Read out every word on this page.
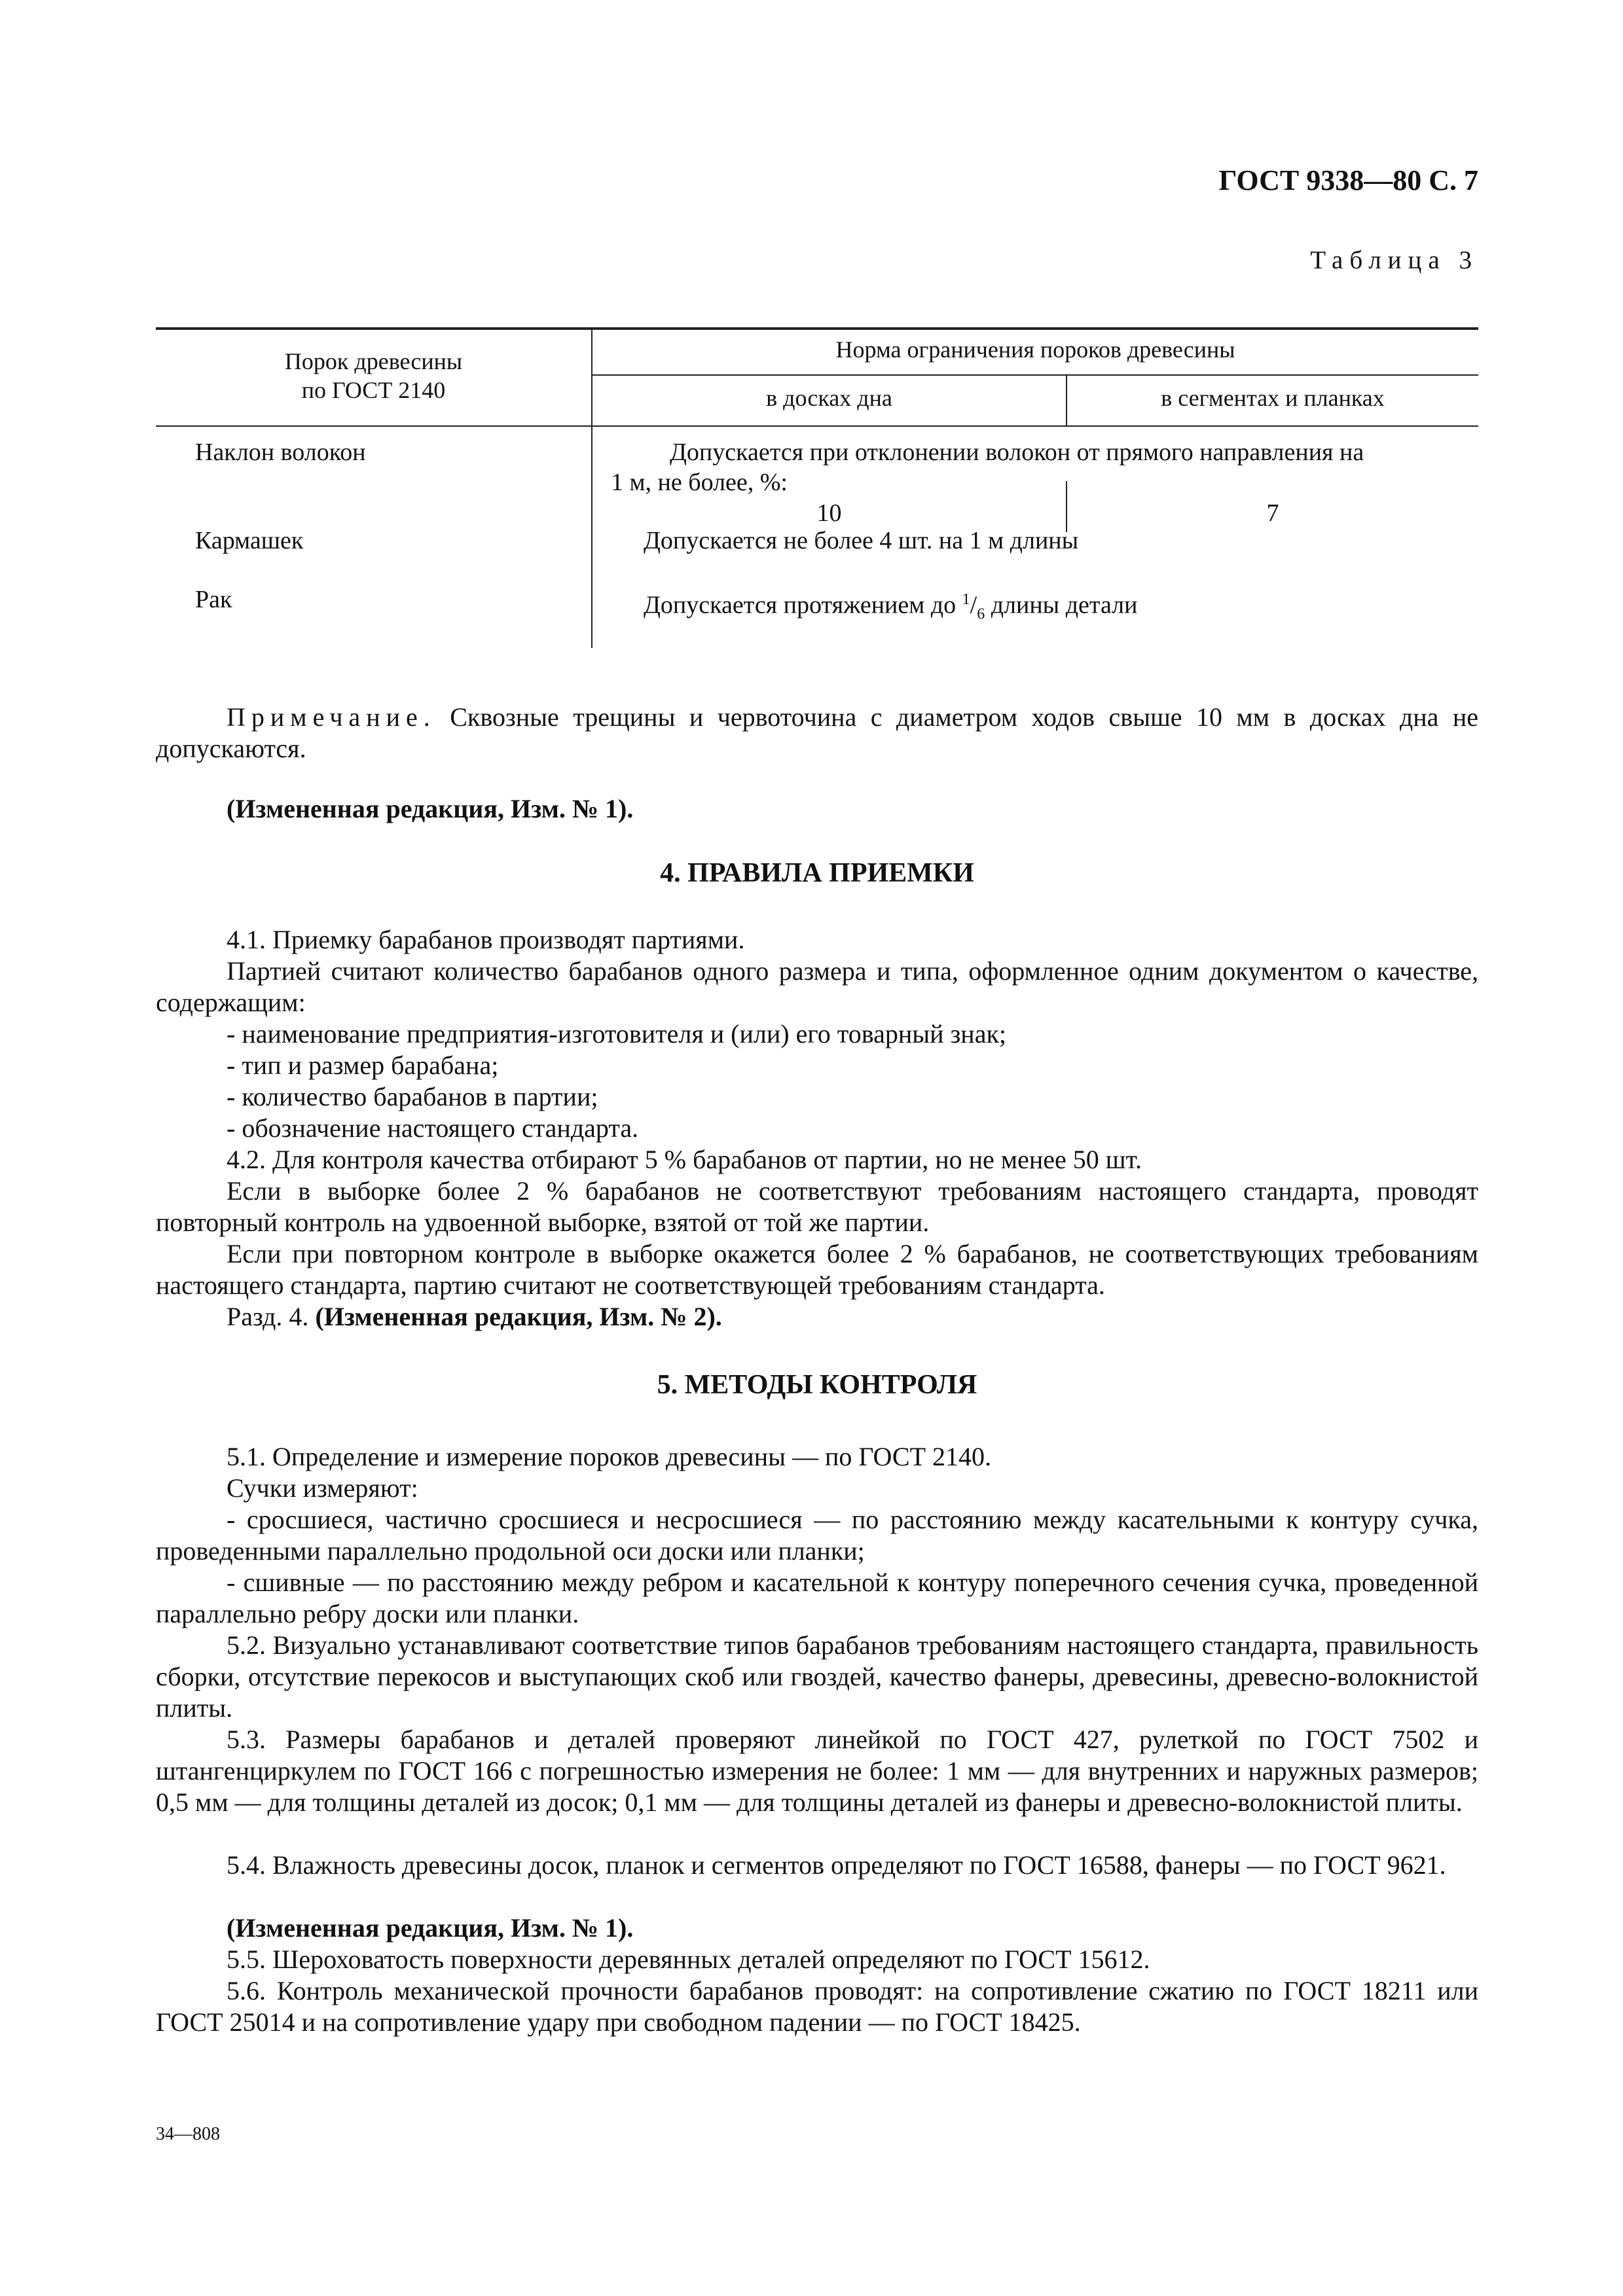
ГОСТ 9338—80 С. 7
Таблица 3
Порок древесины
по ГОСТ 2140
Норма ограничения пороков древесины
в досках дна	в сегментах и планках
Наклон волокон	Допускается при отклонении волокон от прямого направления на
1 м, не более, %:
10	7
Кармашек	Допускается не более 4 шт. на 1 м длины
Рак	Допускается протяжением до $^1/_6$ длины детали
Примечание. Сквозные трещины и червоточина с диаметром ходов свыше 10 мм в досках дна не допускаются.
(Измененная редакция, Изм. № 1).
4. ПРАВИЛА ПРИЕМКИ
4.1. Приемку барабанов производят партиями.
Партией считают количество барабанов одного размера и типа, оформленное одним документом о качестве, содержащим:
- наименование предприятия-изготовителя и (или) его товарный знак;
- тип и размер барабана;
- количество барабанов в партии;
- обозначение настоящего стандарта.
4.2. Для контроля качества отбирают 5 % барабанов от партии, но не менее 50 шт.
Если в выборке более 2 % барабанов не соответствуют требованиям настоящего стандарта, проводят повторный контроль на удвоенной выборке, взятой от той же партии.
Если при повторном контроле в выборке окажется более 2 % барабанов, не соответствующих требованиям настоящего стандарта, партию считают не соответствующей требованиям стандарта.
Разд. 4. (Измененная редакция, Изм. № 2).
5. МЕТОДЫ КОНТРОЛЯ
5.1. Определение и измерение пороков древесины — по ГОСТ 2140.
Сучки измеряют:
- сросшиеся, частично сросшиеся и несросшиеся — по расстоянию между касательными к контуру сучка, проведенными параллельно продольной оси доски или планки;
- сшивные — по расстоянию между ребром и касательной к контуру поперечного сечения сучка, проведенной параллельно ребру доски или планки.
5.2. Визуально устанавливают соответствие типов барабанов требованиям настоящего стандарта, правильность сборки, отсутствие перекосов и выступающих скоб или гвоздей, качество фанеры, древесины, древесно-волокнистой плиты.
5.3. Размеры барабанов и деталей проверяют линейкой по ГОСТ 427, рулеткой по ГОСТ 7502 и штангенциркулем по ГОСТ 166 с погрешностью измерения не более: 1 мм — для внутренних и наружных размеров; 0,5 мм — для толщины деталей из досок; 0,1 мм — для толщины деталей из фанеры и древесно-волокнистой плиты.
5.4. Влажность древесины досок, планок и сегментов определяют по ГОСТ 16588, фанеры — по ГОСТ 9621.
(Измененная редакция, Изм. № 1).
5.5. Шероховатость поверхности деревянных деталей определяют по ГОСТ 15612.
5.6. Контроль механической прочности барабанов проводят: на сопротивление сжатию по ГОСТ 18211 или ГОСТ 25014 и на сопротивление удару при свободном падении — по ГОСТ 18425.
34—808
